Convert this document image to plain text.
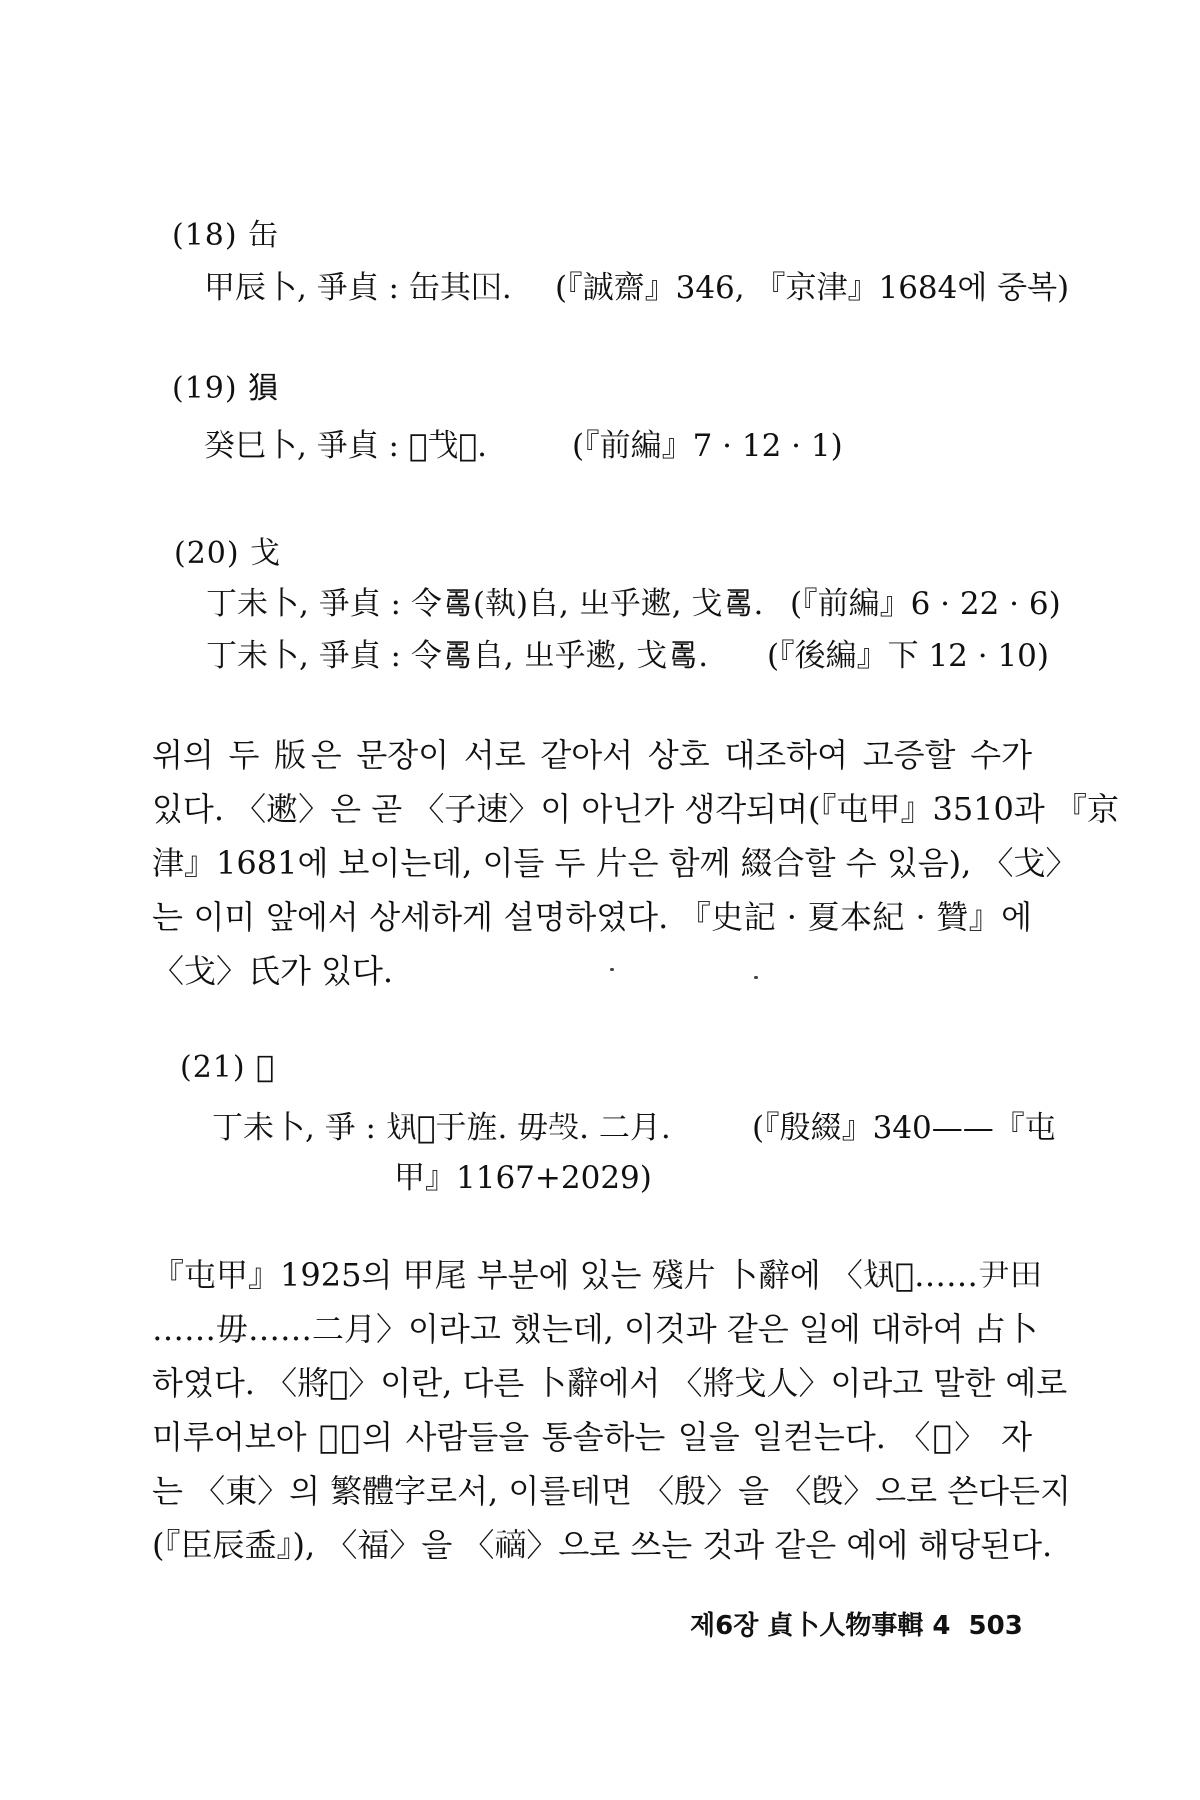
(18) 缶
甲辰卜, 爭貞 : 缶其𡆥. (『誠齋』346, 『京津』1684에 중복)
(19) 𤠔
癸巳卜, 爭貞 : 𡧊𢦏𤠔.	(『前編』7 · 12 · 1)
(20) 戈
丁未卜, 爭貞 : 令𠷎(執)𠂤, 㞢乎遬, 戈𠷎. (『前編』6 · 22 · 6)
丁未卜, 爭貞 : 令𠷎𠂤, 㞢乎遬, 戈𠷎. (『後編』下 12 · 10)
위의 두 版은 문장이 서로 같아서 상호 대조하여 고증할 수가
있다. 〈遬〉은 곧 〈子速〉이 아닌가 생각되며(『屯甲』3510과 『京
津』1681에 보이는데, 이들 두 片은 함께 綴合할 수 있음), 〈戈〉
는 이미 앞에서 상세하게 설명하였다. 『史記 · 夏本紀 · 贊』에
〈戈〉氏가 있다.
(21) 𡦍
丁未卜, 爭 : 𢦚𡦍于旌. 毋𣪊. 二月.	(『殷綴』340——『屯
甲』1167+2029)
『屯甲』1925의 甲尾 부분에 있는 殘片 卜辭에 〈𢦚𡦍……尹田
……毋……二月〉이라고 했는데, 이것과 같은 일에 대하여 占卜
하였다. 〈將𡦍〉이란, 다른 卜辭에서 〈將戈人〉이라고 말한 예로
미루어보아 𡦍國의 사람들을 통솔하는 일을 일컫는다. 〈𡦍〉 자
는 〈東〉의 繁體字로서, 이를테면 〈殷〉을 〈𣪘〉으로 쓴다든지
(『臣辰盉』), 〈福〉을 〈𥛚〉으로 쓰는 것과 같은 예에 해당된다.
제6장 貞卜人物事輯 4 503
